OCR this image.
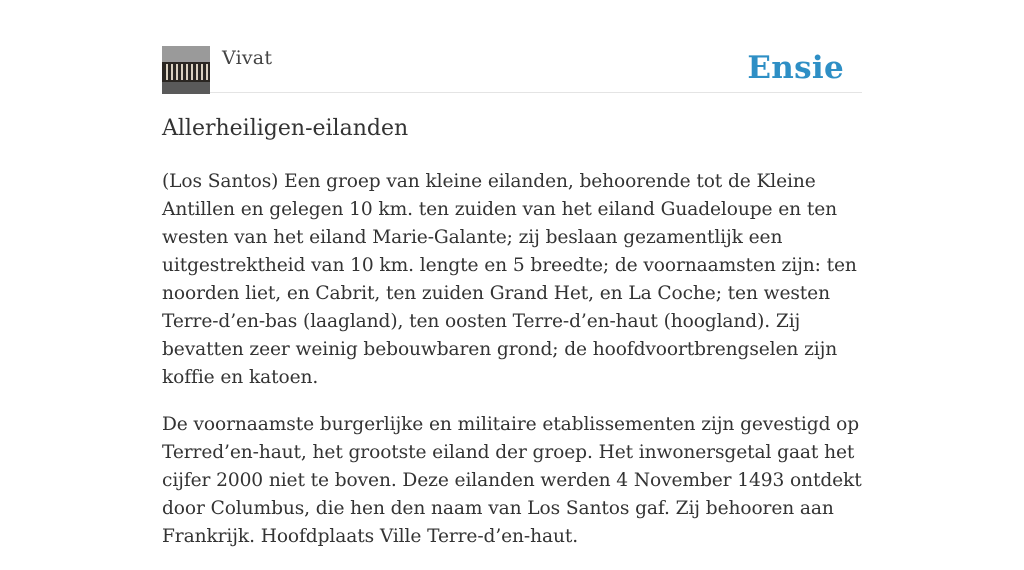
Vivat	Ensie
Allerheiligen-eilanden

(Los Santos) Een groep van kleine eilanden, behoorende tot de Kleine Antillen en gelegen 10 km. ten zuiden van het eiland Guadeloupe en ten westen van het eiland Marie-Galante; zij beslaan gezamentlijk een uitgestrektheid van 10 km. lengte en 5 breedte; de voornaamsten zijn: ten noorden liet, en Cabrit, ten zuiden Grand Het, en La Coche; ten westen Terre-d’en-bas (laagland), ten oosten Terre-d’en-haut (hoogland). Zij bevatten zeer weinig bebouwbaren grond; de hoofdvoortbrengselen zijn koffie en katoen.

De voornaamste burgerlijke en militaire etablissementen zijn gevestigd op Terred’en-haut, het grootste eiland der groep. Het inwonersgetal gaat het cijfer 2000 niet te boven. Deze eilanden werden 4 November 1493 ontdekt door Columbus, die hen den naam van Los Santos gaf. Zij behooren aan Frankrijk. Hoofdplaats Ville Terre-d’en-haut.
